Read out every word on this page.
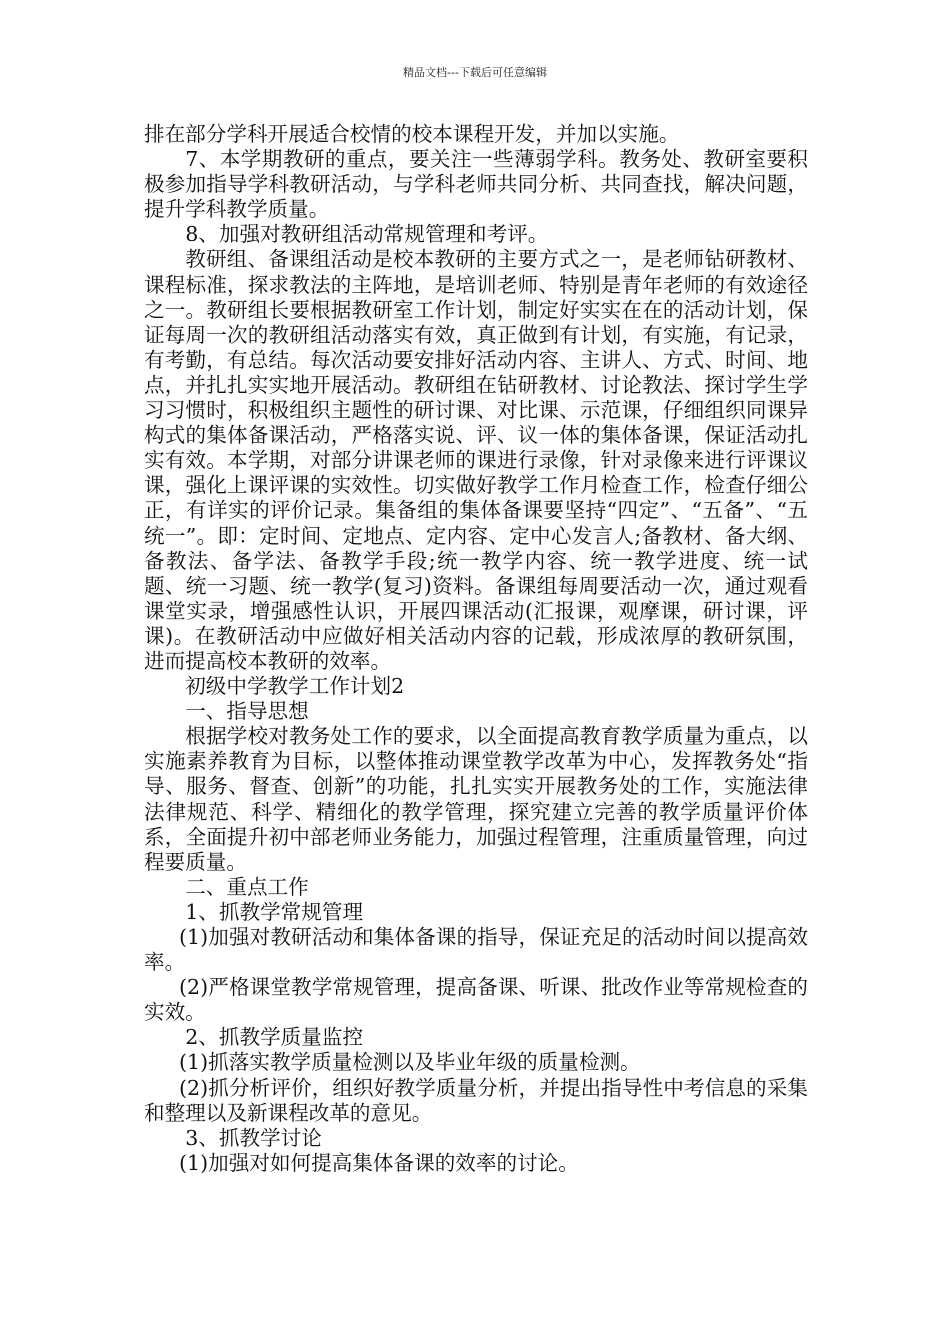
精品文档---下载后可任意编辑

排在部分学科开展适合校情的校本课程开发，并加以实施。

7、本学期教研的重点，要关注一些薄弱学科。教务处、教研室要积极参加指导学科教研活动，与学科老师共同分析、共同查找，解决问题，提升学科教学质量。

8、加强对教研组活动常规管理和考评。

教研组、备课组活动是校本教研的主要方式之一，是老师钻研教材、课程标准，探求教法的主阵地，是培训老师、特别是青年老师的有效途径之一。教研组长要根据教研室工作计划，制定好实实在在的活动计划，保证每周一次的教研组活动落实有效，真正做到有计划，有实施，有记录，有考勤，有总结。每次活动要安排好活动内容、主讲人、方式、时间、地点，并扎扎实实地开展活动。教研组在钻研教材、讨论教法、探讨学生学习习惯时，积极组织主题性的研讨课、对比课、示范课，仔细组织同课异构式的集体备课活动，严格落实说、评、议一体的集体备课，保证活动扎实有效。本学期，对部分讲课老师的课进行录像，针对录像来进行评课议课，强化上课评课的实效性。切实做好教学工作月检查工作，检查仔细公正，有详实的评价记录。集备组的集体备课要坚持“四定”、“五备”、“五统一”。即：定时间、定地点、定内容、定中心发言人;备教材、备大纲、备教法、备学法、备教学手段;统一教学内容、统一教学进度、统一试题、统一习题、统一教学(复习)资料。备课组每周要活动一次，通过观看课堂实录，增强感性认识，开展四课活动(汇报课，观摩课，研讨课，评课)。在教研活动中应做好相关活动内容的记载，形成浓厚的教研氛围，进而提高校本教研的效率。

初级中学教学工作计划2

一、指导思想

根据学校对教务处工作的要求，以全面提高教育教学质量为重点，以实施素养教育为目标，以整体推动课堂教学改革为中心，发挥教务处“指导、服务、督查、创新”的功能，扎扎实实开展教务处的工作，实施法律法律规范、科学、精细化的教学管理，探究建立完善的教学质量评价体系，全面提升初中部老师业务能力，加强过程管理，注重质量管理，向过程要质量。

二、重点工作

1、抓教学常规管理

(1)加强对教研活动和集体备课的指导，保证充足的活动时间以提高效率。

(2)严格课堂教学常规管理，提高备课、听课、批改作业等常规检查的实效。

2、抓教学质量监控

(1)抓落实教学质量检测以及毕业年级的质量检测。

(2)抓分析评价，组织好教学质量分析，并提出指导性中考信息的采集和整理以及新课程改革的意见。

3、抓教学讨论

(1)加强对如何提高集体备课的效率的讨论。
